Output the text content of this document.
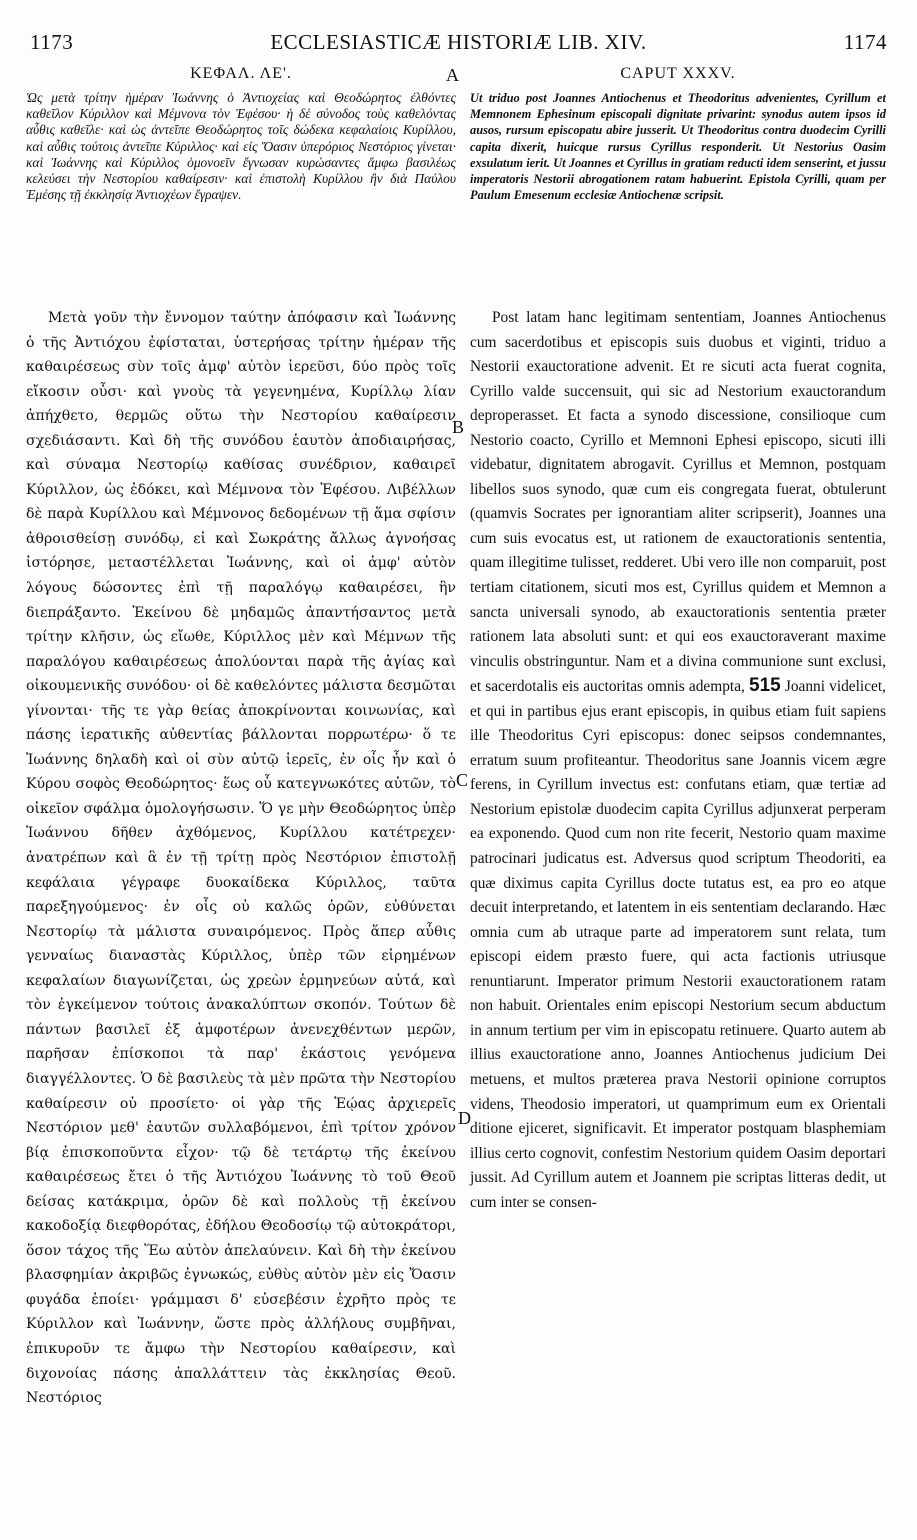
1173	ECCLESIASTICÆ HISTORIÆ LIB. XIV.	1174
A
B
C
D
ΚΕΦΑΛ. ΛΕ'.

Ὡς μετὰ τρίτην ἡμέραν Ἰωάννης ὁ Ἀντιοχείας καὶ Θεοδώρητος ἐλθόντες καθεῖλον Κύριλλον καὶ Μέμνονα τὸν Ἐφέσου· ἡ δὲ σύνοδος τοὺς καθελόντας αὖθις καθεῖλε· καὶ ὡς ἀντεῖπε Θεοδώρητος τοῖς δώδεκα κεφαλαίοις Κυρίλλου, καὶ αὖθις τούτοις ἀντεῖπε Κύριλλος· καὶ εἰς Ὄασιν ὑπερόριος Νεστόριος γίνεται· καὶ Ἰωάννης καὶ Κύριλλος ὁμονοεῖν ἔγνωσαν κυρώσαντες ἄμφω βασιλέως κελεύσει τὴν Νεστορίου καθαίρεσιν· καὶ ἐπιστολὴ Κυρίλλου ἣν διὰ Παύλου Ἐμέσης τῇ ἐκκλησίᾳ Ἀντιοχέων ἔγραψεν.

Μετὰ γοῦν τὴν ἔννομον ταύτην ἀπόφασιν καὶ Ἰωάννης ὁ τῆς Ἀντιόχου ἐφίσταται, ὑστερήσας τρίτην ἡμέραν τῆς καθαιρέσεως σὺν τοῖς ἀμφ' αὐτὸν ἱερεῦσι, δύο πρὸς τοῖς εἴκοσιν οὖσι· καὶ γνοὺς τὰ γεγενημένα, Κυρίλλῳ λίαν ἀπήχθετο, θερμῶς οὕτω τὴν Νεστορίου καθαίρεσιν σχεδιάσαντι. Καὶ δὴ τῆς συνόδου ἑαυτὸν ἀποδιαιρήσας, καὶ σύναμα Νεστορίῳ καθίσας συνέδριον, καθαιρεῖ Κύριλλον, ὡς ἐδόκει, καὶ Μέμνονα τὸν Ἐφέσου. Λιβέλλων δὲ παρὰ Κυρίλλου καὶ Μέμνονος δεδομένων τῇ ἅμα σφίσιν ἀθροισθείσῃ συνόδῳ, εἰ καὶ Σωκράτης ἄλλως ἀγνοήσας ἱστόρησε, μεταστέλλεται Ἰωάννης, καὶ οἱ ἀμφ' αὐτὸν λόγους δώσοντες ἐπὶ τῇ παραλόγῳ καθαιρέσει, ἣν διεπράξαντο. Ἐκείνου δὲ μηδαμῶς ἀπαντήσαντος μετὰ τρίτην κλῆσιν, ὡς εἴωθε, Κύριλλος μὲν καὶ Μέμνων τῆς παραλόγου καθαιρέσεως ἀπολύονται παρὰ τῆς ἁγίας καὶ οἰκουμενικῆς συνόδου· οἱ δὲ καθελόντες μάλιστα δεσμῶται γίνονται· τῆς τε γὰρ θείας ἀποκρίνονται κοινωνίας, καὶ πάσης ἱερατικῆς αὐθεντίας βάλλονται πορρωτέρω· ὅ τε Ἰωάννης δηλαδὴ καὶ οἱ σὺν αὐτῷ ἱερεῖς, ἐν οἷς ἦν καὶ ὁ Κύρου σοφὸς Θεοδώρητος· ἕως οὗ κατεγνωκότες αὐτῶν, τὸ οἰκεῖον σφάλμα ὁμολογήσωσιν. Ὅ γε μὴν Θεοδώρητος ὑπὲρ Ἰωάννου δῆθεν ἀχθόμενος, Κυρίλλου κατέτρεχεν· ἀνατρέπων καὶ ἃ ἐν τῇ τρίτῃ πρὸς Νεστόριον ἐπιστολῇ κεφάλαια γέγραφε δυοκαίδεκα Κύριλλος, ταῦτα παρεξηγούμενος· ἐν οἷς οὐ καλῶς ὁρῶν, εὐθύνεται Νεστορίῳ τὰ μάλιστα συναιρόμενος. Πρὸς ἅπερ αὖθις γενναίως διαναστὰς Κύριλλος, ὑπὲρ τῶν εἰρημένων κεφαλαίων διαγωνίζεται, ὡς χρεὼν ἑρμηνεύων αὐτά, καὶ τὸν ἐγκείμενον τούτοις ἀνακαλύπτων σκοπόν. Τούτων δὲ πάντων βασιλεῖ ἐξ ἀμφοτέρων ἀνενεχθέντων μερῶν, παρῆσαν ἐπίσκοποι τὰ παρ' ἑκάστοις γενόμενα διαγγέλλοντες. Ὁ δὲ βασιλεὺς τὰ μὲν πρῶτα τὴν Νεστορίου καθαίρεσιν οὐ προσίετο· οἱ γὰρ τῆς Ἑῴας ἀρχιερεῖς Νεστόριον μεθ' ἑαυτῶν συλλαβόμενοι, ἐπὶ τρίτον χρόνον βίᾳ ἐπισκοποῦντα εἶχον· τῷ δὲ τετάρτῳ τῆς ἐκείνου καθαιρέσεως ἔτει ὁ τῆς Ἀντιόχου Ἰωάννης τὸ τοῦ Θεοῦ δείσας κατάκριμα, ὁρῶν δὲ καὶ πολλοὺς τῇ ἐκείνου κακοδοξίᾳ διεφθορότας, ἐδήλου Θεοδοσίῳ τῷ αὐτοκράτορι, ὅσον τάχος τῆς Ἕω αὐτὸν ἀπελαύνειν. Καὶ δὴ τὴν ἐκείνου βλασφημίαν ἀκριβῶς ἐγνωκώς, εὐθὺς αὐτὸν μὲν εἰς Ὄασιν φυγάδα ἐποίει· γράμμασι δ' εὐσεβέσιν ἐχρῆτο πρὸς τε Κύριλλον καὶ Ἰωάννην, ὥστε πρὸς ἀλλήλους συμβῆναι, ἐπικυροῦν τε ἄμφω τὴν Νεστορίου καθαίρεσιν, καὶ διχονοίας πάσης ἀπαλλάττειν τὰς ἐκκλησίας Θεοῦ. Νεστόριος

CAPUT XXXV.

Ut triduo post Joannes Antiochenus et Theodoritus advenientes, Cyrillum et Memnonem Ephesinum episcopali dignitate privarint: synodus autem ipsos id ausos, rursum episcopatu abire jusserit. Ut Theodoritus contra duodecim Cyrilli capita dixerit, huicque rursus Cyrillus responderit. Ut Nestorius Oasim exsulatum ierit. Ut Joannes et Cyrillus in gratiam reducti idem senserint, et jussu imperatoris Nestorii abrogationem ratam habuerint. Epistola Cyrilli, quam per Paulum Emesenum ecclesiæ Antiochenæ scripsit.

Post latam hanc legitimam sententiam, Joannes Antiochenus cum sacerdotibus et episcopis suis duobus et viginti, triduo a Nestorii exauctoratione advenit. Et re sicuti acta fuerat cognita, Cyrillo valde succensuit, qui sic ad Nestorium exauctorandum deproperasset. Et facta a synodo discessione, consilioque cum Nestorio coacto, Cyrillo et Memnoni Ephesi episcopo, sicuti illi videbatur, dignitatem abrogavit. Cyrillus et Memnon, postquam libellos suos synodo, quæ cum eis congregata fuerat, obtulerunt (quamvis Socrates per ignorantiam aliter scripserit), Joannes una cum suis evocatus est, ut rationem de exauctorationis sententia, quam illegitime tulisset, redderet. Ubi vero ille non comparuit, post tertiam citationem, sicuti mos est, Cyrillus quidem et Memnon a sancta universali synodo, ab exauctorationis sententia præter rationem lata absoluti sunt: et qui eos exauctoraverant maxime vinculis obstringuntur. Nam et a divina communione sunt exclusi, et sacerdotalis eis auctoritas omnis adempta, 515 Joanni videlicet, et qui in partibus ejus erant episcopis, in quibus etiam fuit sapiens ille Theodoritus Cyri episcopus: donec seipsos condemnantes, erratum suum profiteantur. Theodoritus sane Joannis vicem ægre ferens, in Cyrillum invectus est: confutans etiam, quæ tertiæ ad Nestorium epistolæ duodecim capita Cyrillus adjunxerat perperam ea exponendo. Quod cum non rite fecerit, Nestorio quam maxime patrocinari judicatus est. Adversus quod scriptum Theodoriti, ea quæ diximus capita Cyrillus docte tutatus est, ea pro eo atque decuit interpretando, et latentem in eis sententiam declarando. Hæc omnia cum ab utraque parte ad imperatorem sunt relata, tum episcopi eidem præsto fuere, qui acta factionis utriusque renuntiarunt. Imperator primum Nestorii exauctorationem ratam non habuit. Orientales enim episcopi Nestorium secum abductum in annum tertium per vim in episcopatu retinuere. Quarto autem ab illius exauctoratione anno, Joannes Antiochenus judicium Dei metuens, et multos præterea prava Nestorii opinione corruptos videns, Theodosio imperatori, ut quamprimum eum ex Orientali ditione ejiceret, significavit. Et imperator postquam blasphemiam illius certo cognovit, confestim Nestorium quidem Oasim deportari jussit. Ad Cyrillum autem et Joannem pie scriptas litteras dedit, ut cum inter se consen-
